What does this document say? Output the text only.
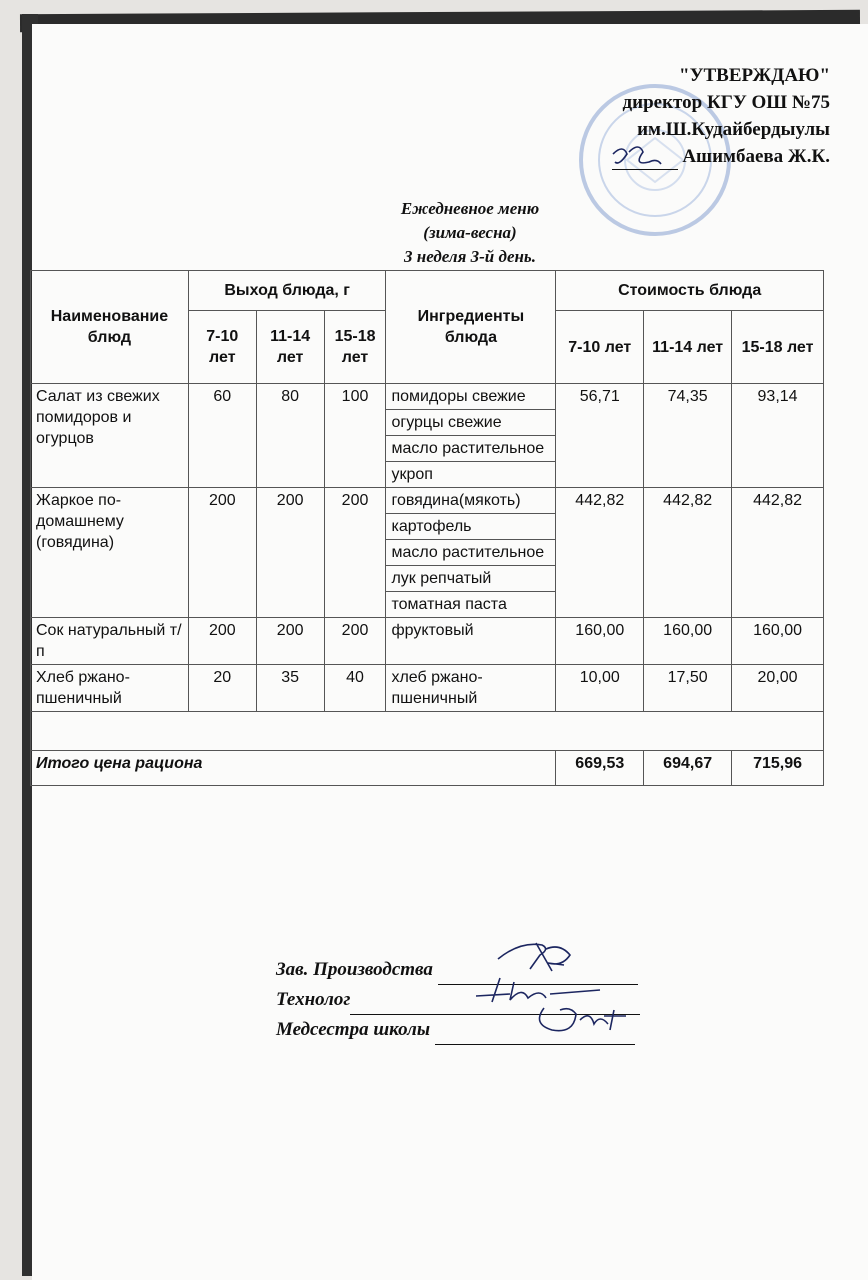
"УТВЕРЖДАЮ"
директор КГУ ОШ №75
им.Ш.Кудайбердыулы
Ашимбаева Ж.К.
Ежедневное меню
(зима-весна)
3 неделя 3-й день.
Наименование блюд	Выход блюда, г			Ингредиенты блюда	Стоимость блюда		
	7-10 лет	11-14 лет	15-18 лет		7-10 лет	11-14 лет	15-18 лет
Салат из свежих помидоров и огурцов	60	80	100	помидоры свежие	56,71	74,35	93,14
				огурцы свежие			
				масло растительное			
				укроп			
Жаркое по-домашнему (говядина)	200	200	200	говядина(мякоть)	442,82	442,82	442,82
				картофель			
				масло растительное			
				лук репчатый			
				томатная паста			
Сок натуральный т/п	200	200	200	фруктовый	160,00	160,00	160,00
Хлеб ржано-пшеничный	20	35	40	хлеб ржано-пшеничный	10,00	17,50	20,00

Итого цена рациона					669,53	694,67	715,96
Зав. Производства
Технолог
Медсестра школы
